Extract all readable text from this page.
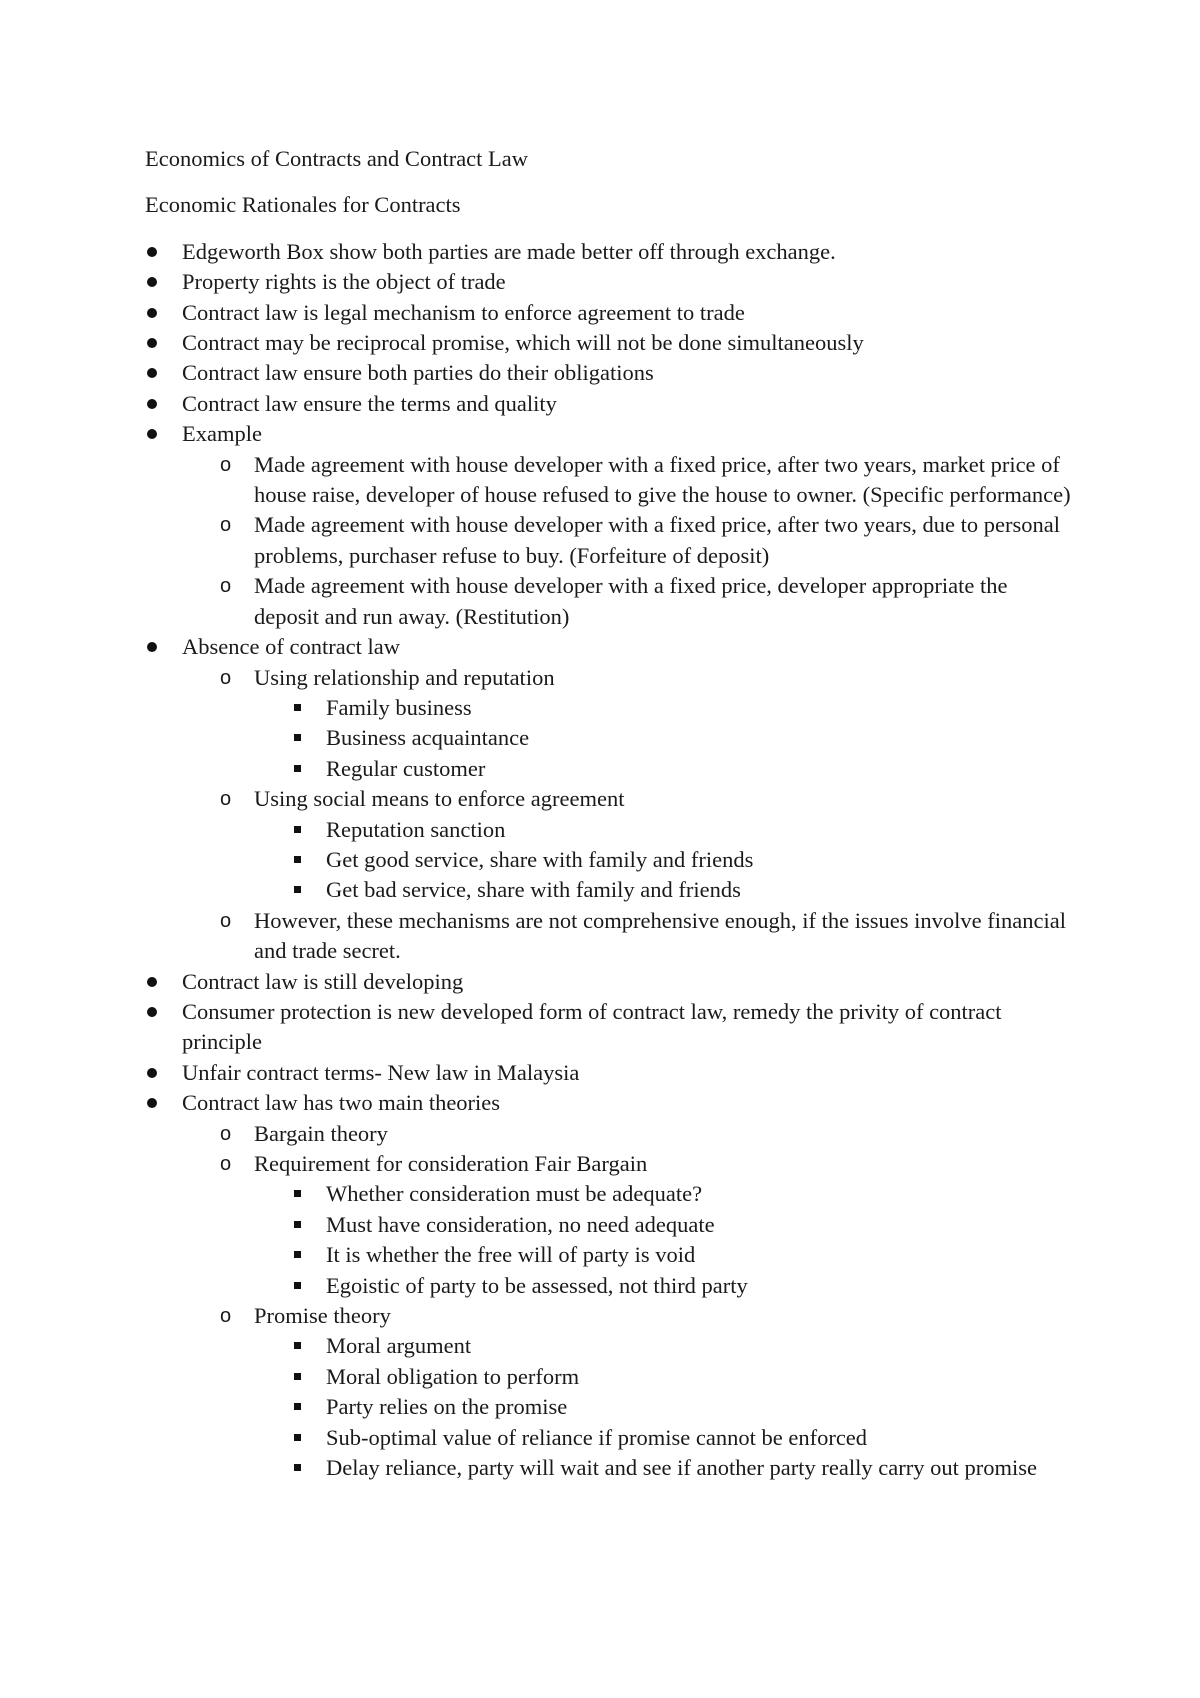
Economics of Contracts and Contract Law

Economic Rationales for Contracts

Edgeworth Box show both parties are made better off through exchange.
Property rights is the object of trade
Contract law is legal mechanism to enforce agreement to trade
Contract may be reciprocal promise, which will not be done simultaneously
Contract law ensure both parties do their obligations
Contract law ensure the terms and quality
Example
o Made agreement with house developer with a fixed price, after two years, market price of house raise, developer of house refused to give the house to owner. (Specific performance)
o Made agreement with house developer with a fixed price, after two years, due to personal problems, purchaser refuse to buy. (Forfeiture of deposit)
o Made agreement with house developer with a fixed price, developer appropriate the deposit and run away. (Restitution)
Absence of contract law
o Using relationship and reputation
Family business
Business acquaintance
Regular customer
o Using social means to enforce agreement
Reputation sanction
Get good service, share with family and friends
Get bad service, share with family and friends
o However, these mechanisms are not comprehensive enough, if the issues involve financial and trade secret.
Contract law is still developing
Consumer protection is new developed form of contract law, remedy the privity of contract principle
Unfair contract terms- New law in Malaysia
Contract law has two main theories
o Bargain theory
o Requirement for consideration Fair Bargain
Whether consideration must be adequate?
Must have consideration, no need adequate
It is whether the free will of party is void
Egoistic of party to be assessed, not third party
o Promise theory
Moral argument
Moral obligation to perform
Party relies on the promise
Sub-optimal value of reliance if promise cannot be enforced
Delay reliance, party will wait and see if another party really carry out promise
